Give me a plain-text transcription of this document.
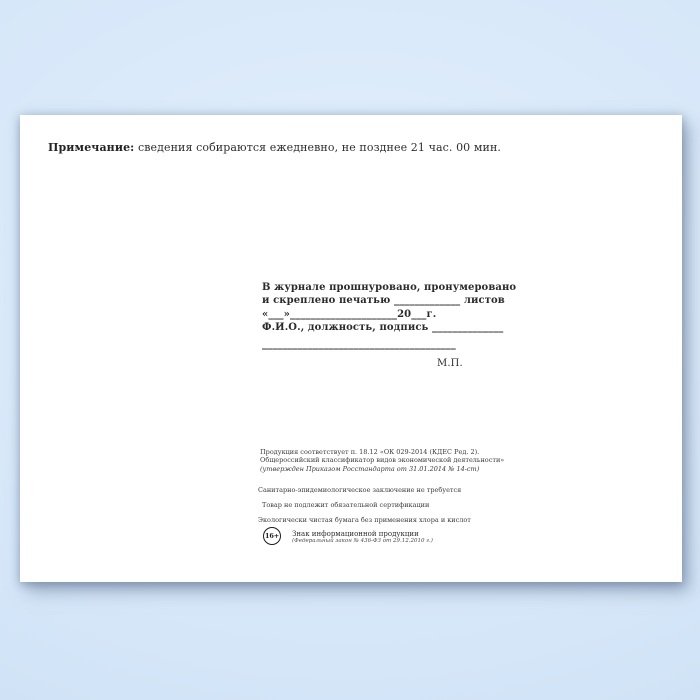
Примечание: сведения собираются ежедневно, не позднее 21 час. 00 мин.

В журнале прошнуровано, пронумеровано
и скреплено печатью _____________ листов
«___»_____________________20___г.
Ф.И.О., должность, подпись ______________
______________________________________
М.П.
Продукция соответствует п. 18.12 «ОК 029-2014 (КДЕС Ред. 2).
Общероссийский классификатор видов экономической деятельности»
(утвержден Приказом Росстандарта от 31.01.2014 № 14-ст)
Санитарно-эпидемиологическое заключение не требуется
Товар не подлежит обязательной сертификации
Экологически чистая бумага без применения хлора и кислот
16+ Знак информационной продукции
(Федеральный закон № 436-ФЗ от 29.12.2010 г.)
